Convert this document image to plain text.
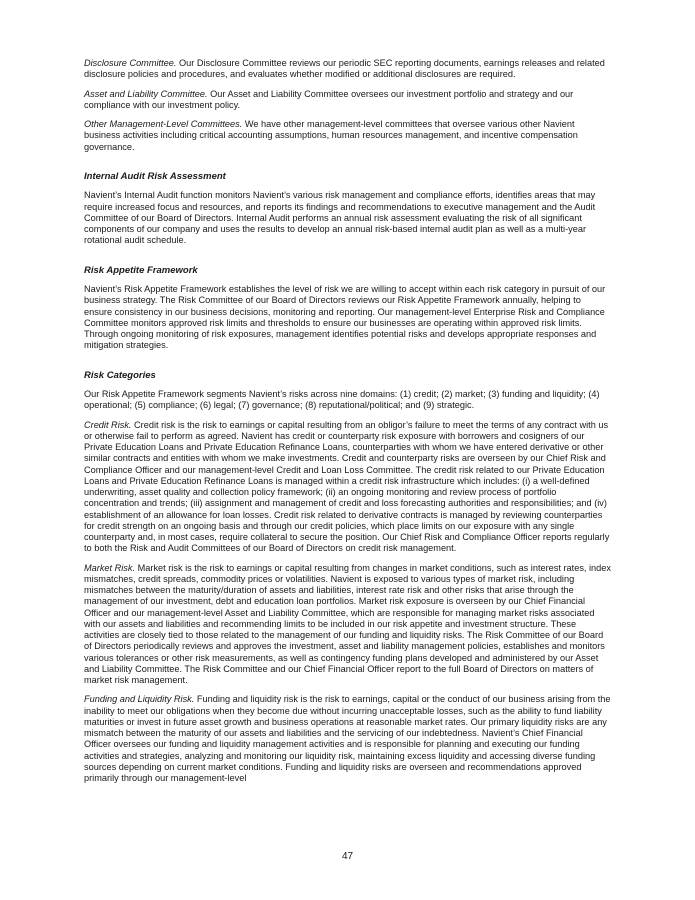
Disclosure Committee. Our Disclosure Committee reviews our periodic SEC reporting documents, earnings releases and related disclosure policies and procedures, and evaluates whether modified or additional disclosures are required.

Asset and Liability Committee. Our Asset and Liability Committee oversees our investment portfolio and strategy and our compliance with our investment policy.

Other Management-Level Committees. We have other management-level committees that oversee various other Navient business activities including critical accounting assumptions, human resources management, and incentive compensation governance.

Internal Audit Risk Assessment

Navient’s Internal Audit function monitors Navient’s various risk management and compliance efforts, identifies areas that may require increased focus and resources, and reports its findings and recommendations to executive management and the Audit Committee of our Board of Directors. Internal Audit performs an annual risk assessment evaluating the risk of all significant components of our company and uses the results to develop an annual risk-based internal audit plan as well as a multi-year rotational audit schedule.

Risk Appetite Framework

Navient’s Risk Appetite Framework establishes the level of risk we are willing to accept within each risk category in pursuit of our business strategy. The Risk Committee of our Board of Directors reviews our Risk Appetite Framework annually, helping to ensure consistency in our business decisions, monitoring and reporting. Our management-level Enterprise Risk and Compliance Committee monitors approved risk limits and thresholds to ensure our businesses are operating within approved risk limits. Through ongoing monitoring of risk exposures, management identifies potential risks and develops appropriate responses and mitigation strategies.

Risk Categories

Our Risk Appetite Framework segments Navient’s risks across nine domains: (1) credit; (2) market; (3) funding and liquidity; (4) operational; (5) compliance; (6) legal; (7) governance; (8) reputational/political; and (9) strategic.

Credit Risk. Credit risk is the risk to earnings or capital resulting from an obligor’s failure to meet the terms of any contract with us or otherwise fail to perform as agreed. Navient has credit or counterparty risk exposure with borrowers and cosigners of our Private Education Loans and Private Education Refinance Loans, counterparties with whom we have entered derivative or other similar contracts and entities with whom we make investments. Credit and counterparty risks are overseen by our Chief Risk and Compliance Officer and our management-level Credit and Loan Loss Committee. The credit risk related to our Private Education Loans and Private Education Refinance Loans is managed within a credit risk infrastructure which includes: (i) a well-defined underwriting, asset quality and collection policy framework; (ii) an ongoing monitoring and review process of portfolio concentration and trends; (iii) assignment and management of credit and loss forecasting authorities and responsibilities; and (iv) establishment of an allowance for loan losses. Credit risk related to derivative contracts is managed by reviewing counterparties for credit strength on an ongoing basis and through our credit policies, which place limits on our exposure with any single counterparty and, in most cases, require collateral to secure the position. Our Chief Risk and Compliance Officer reports regularly to both the Risk and Audit Committees of our Board of Directors on credit risk management.

Market Risk. Market risk is the risk to earnings or capital resulting from changes in market conditions, such as interest rates, index mismatches, credit spreads, commodity prices or volatilities. Navient is exposed to various types of market risk, including mismatches between the maturity/duration of assets and liabilities, interest rate risk and other risks that arise through the management of our investment, debt and education loan portfolios. Market risk exposure is overseen by our Chief Financial Officer and our management-level Asset and Liability Committee, which are responsible for managing market risks associated with our assets and liabilities and recommending limits to be included in our risk appetite and investment structure. These activities are closely tied to those related to the management of our funding and liquidity risks. The Risk Committee of our Board of Directors periodically reviews and approves the investment, asset and liability management policies, establishes and monitors various tolerances or other risk measurements, as well as contingency funding plans developed and administered by our Asset and Liability Committee. The Risk Committee and our Chief Financial Officer report to the full Board of Directors on matters of market risk management.

Funding and Liquidity Risk. Funding and liquidity risk is the risk to earnings, capital or the conduct of our business arising from the inability to meet our obligations when they become due without incurring unacceptable losses, such as the ability to fund liability maturities or invest in future asset growth and business operations at reasonable market rates. Our primary liquidity risks are any mismatch between the maturity of our assets and liabilities and the servicing of our indebtedness. Navient’s Chief Financial Officer oversees our funding and liquidity management activities and is responsible for planning and executing our funding activities and strategies, analyzing and monitoring our liquidity risk, maintaining excess liquidity and accessing diverse funding sources depending on current market conditions. Funding and liquidity risks are overseen and recommendations approved primarily through our management-level

47
